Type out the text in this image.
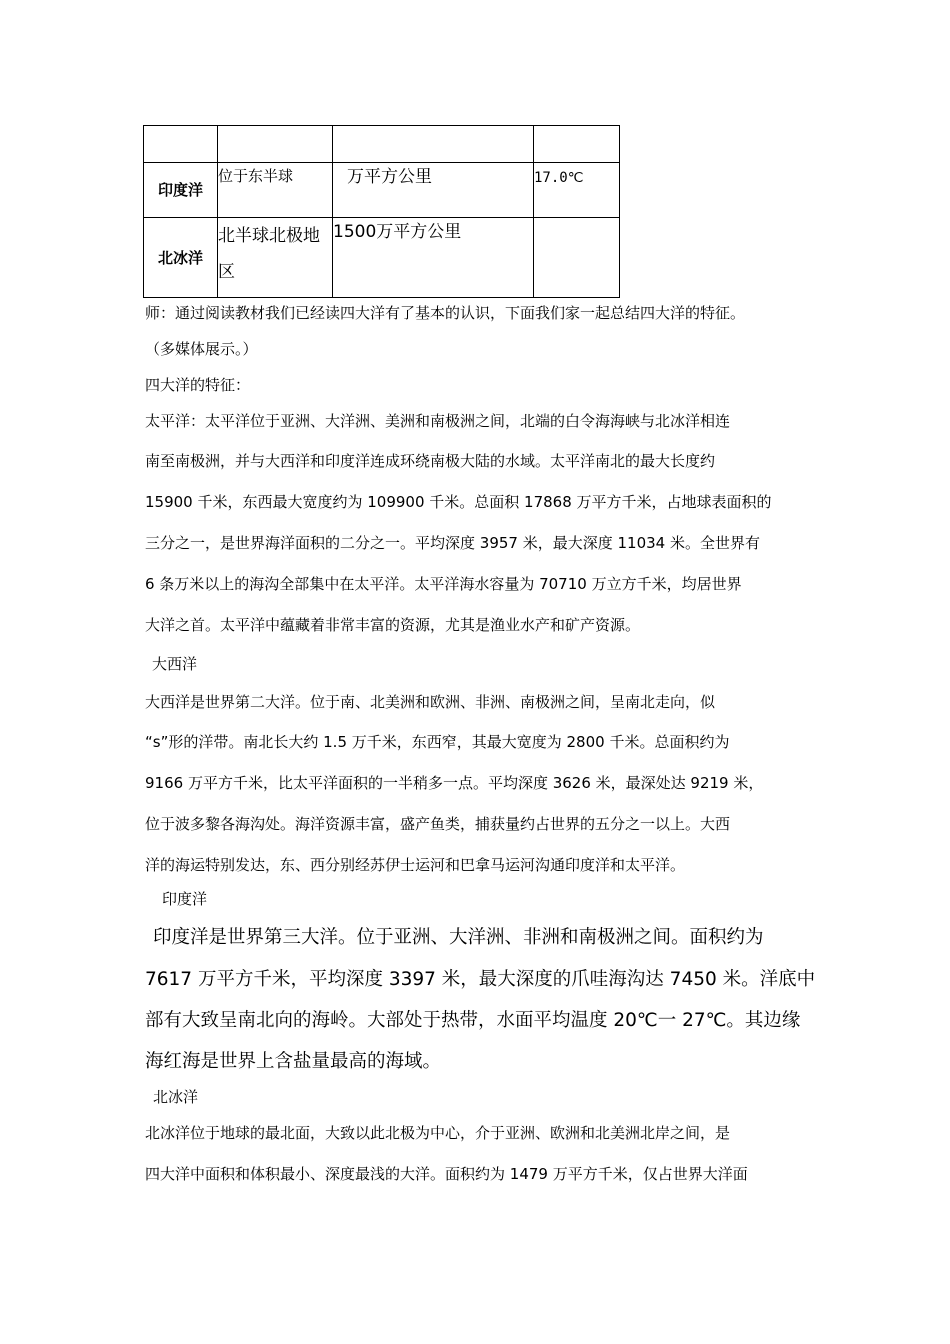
印度洋	位于东半球	万平方公里	17.0℃
北冰洋	北半球北极地区	1500万平方公里	

师：通过阅读教材我们已经读四大洋有了基本的认识，下面我们家一起总结四大洋的特征。

（多媒体展示。）

四大洋的特征：

太平洋：太平洋位于亚洲、大洋洲、美洲和南极洲之间，北端的白令海海峡与北冰洋相连

南至南极洲，并与大西洋和印度洋连成环绕南极大陆的水域。太平洋南北的最大长度约

15900 千米，东西最大宽度约为 109900 千米。总面积 17868 万平方千米，占地球表面积的

三分之一，是世界海洋面积的二分之一。平均深度 3957 米，最大深度 11034 米。全世界有

6 条万米以上的海沟全部集中在太平洋。太平洋海水容量为 70710 万立方千米，均居世界

大洋之首。太平洋中蕴藏着非常丰富的资源，尤其是渔业水产和矿产资源。

大西洋

大西洋是世界第二大洋。位于南、北美洲和欧洲、非洲、南极洲之间，呈南北走向，似

“s”形的洋带。南北长大约 1.5 万千米，东西窄，其最大宽度为 2800 千米。总面积约为

9166 万平方千米，比太平洋面积的一半稍多一点。平均深度 3626 米，最深处达 9219 米，

位于波多黎各海沟处。海洋资源丰富，盛产鱼类，捕获量约占世界的五分之一以上。大西

洋的海运特别发达，东、西分别经苏伊士运河和巴拿马运河沟通印度洋和太平洋。

印度洋

印度洋是世界第三大洋。位于亚洲、大洋洲、非洲和南极洲之间。面积约为

7617 万平方千米，平均深度 3397 米，最大深度的爪哇海沟达 7450 米。洋底中

部有大致呈南北向的海岭。大部处于热带，水面平均温度 20℃一 27℃。其边缘

海红海是世界上含盐量最高的海域。

北冰洋

北冰洋位于地球的最北面，大致以此北极为中心，介于亚洲、欧洲和北美洲北岸之间，是

四大洋中面积和体积最小、深度最浅的大洋。面积约为 1479 万平方千米，仅占世界大洋面
